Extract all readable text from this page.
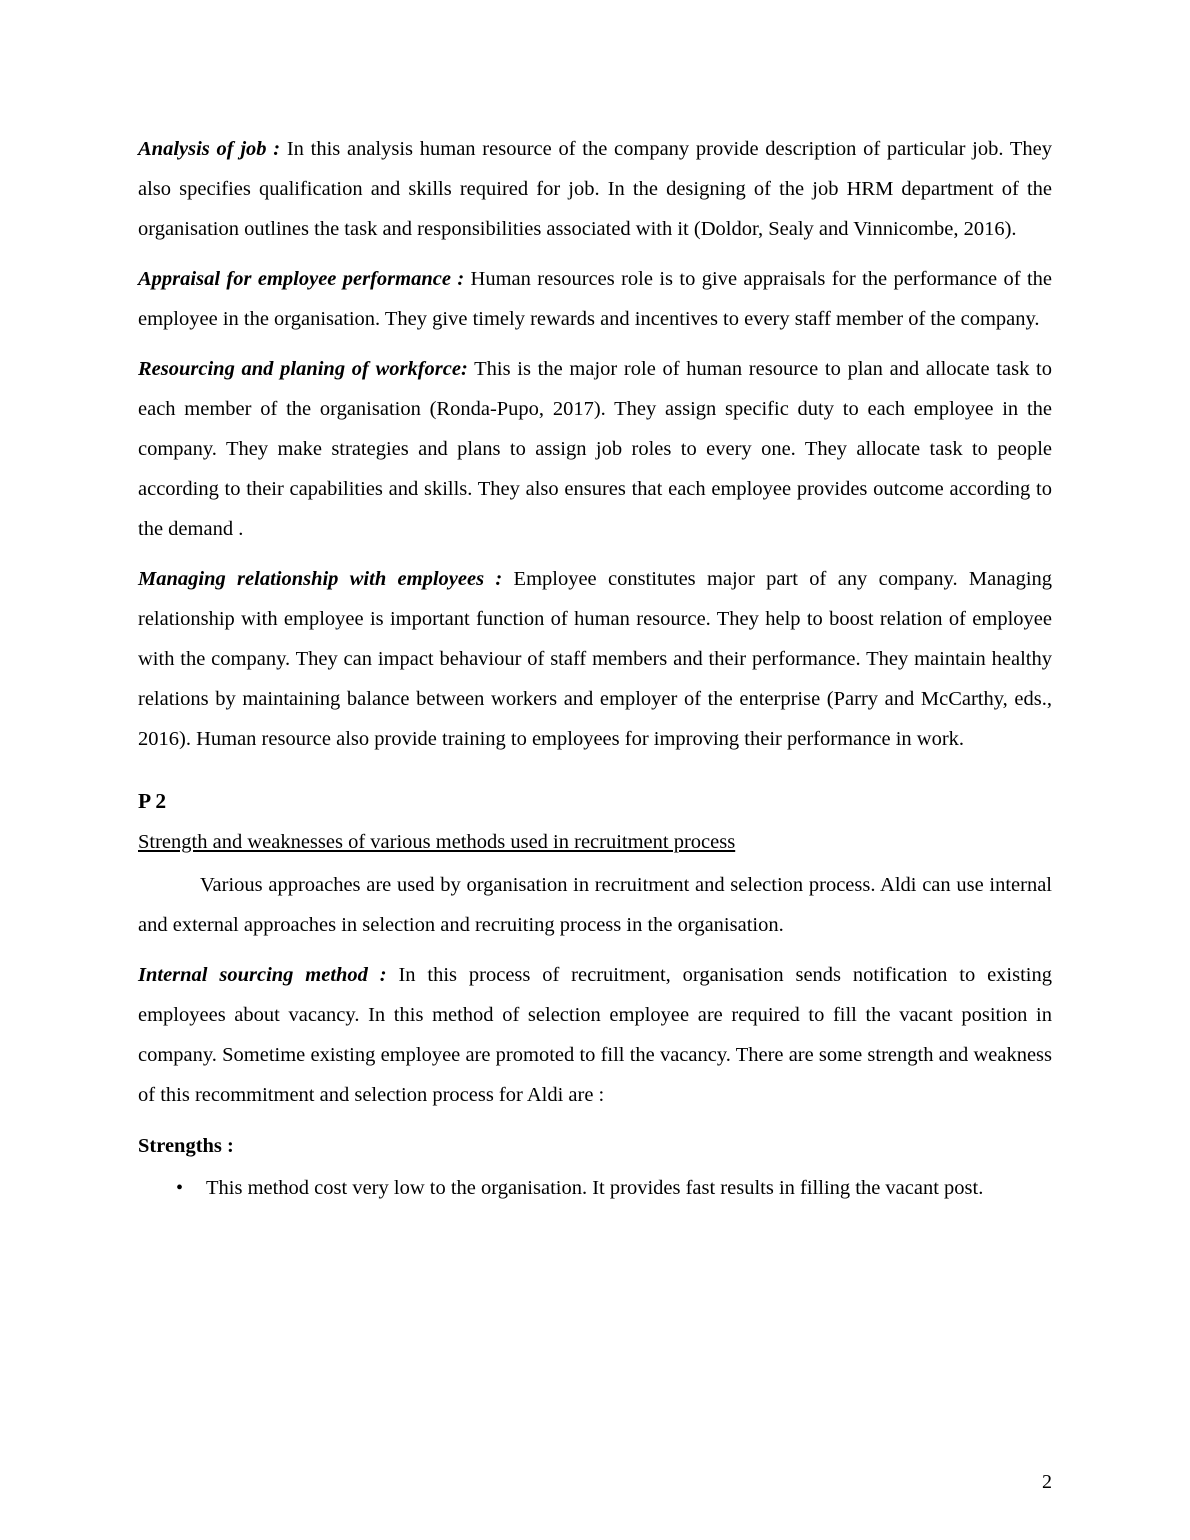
Analysis of job : In this analysis human resource of the company provide description of particular job. They also specifies qualification and skills required for job. In the designing of the job HRM department of the organisation outlines the task and responsibilities associated with it (Doldor, Sealy and Vinnicombe, 2016).

Appraisal for employee performance : Human resources role is to give appraisals for the performance of the employee in the organisation. They give timely rewards and incentives to every staff member of the company.

Resourcing and planing of workforce: This is the major role of human resource to plan and allocate task to each member of the organisation (Ronda-Pupo, 2017). They assign specific duty to each employee in the company. They make strategies and plans to assign job roles to every one. They allocate task to people according to their capabilities and skills. They also ensures that each employee provides outcome according to the demand .

Managing relationship with employees : Employee constitutes major part of any company. Managing relationship with employee is important function of human resource. They help to boost relation of employee with the company. They can impact behaviour of staff members and their performance. They maintain healthy relations by maintaining balance between workers and employer of the enterprise (Parry and McCarthy, eds., 2016). Human resource also provide training to employees for improving their performance in work.

P 2

Strength and weaknesses of various methods used in recruitment process

Various approaches are used by organisation in recruitment and selection process. Aldi can use internal and external approaches in selection and recruiting process in the organisation.

Internal sourcing method : In this process of recruitment, organisation sends notification to existing employees about vacancy. In this method of selection employee are required to fill the vacant position in company. Sometime existing employee are promoted to fill the vacancy. There are some strength and weakness of this recommitment and selection process for Aldi are :

Strengths :

• This method cost very low to the organisation. It provides fast results in filling the vacant post.
2
